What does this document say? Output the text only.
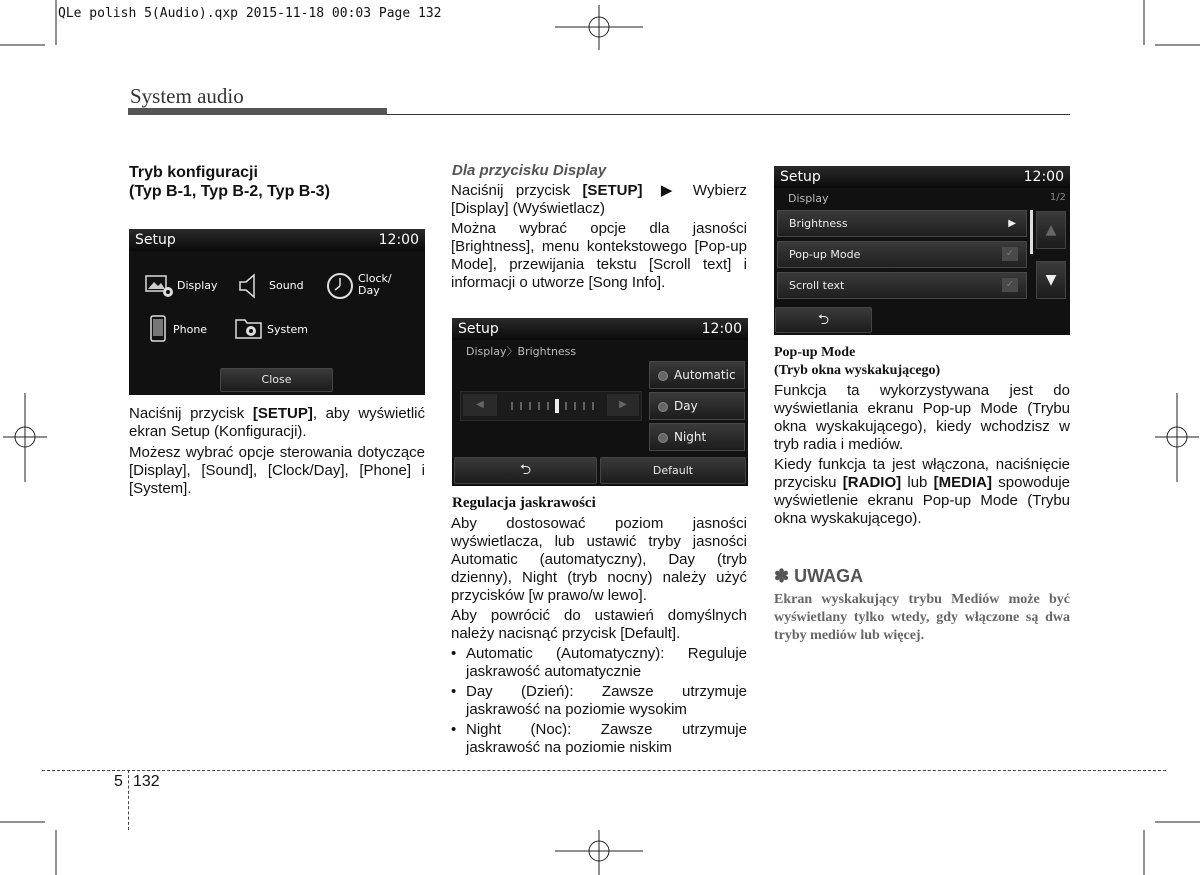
QLe polish 5(Audio).qxp 2015-11-18 00:03 Page 132
System audio
Tryb konfiguracji
(Typ B-1, Typ B-2, Typ B-3)
Setup	12:00
Display	Sound
Clock/ Day
Phone	System
Close
Naciśnij przycisk [SETUP], aby wyświetlić ekran Setup (Konfiguracji).
Możesz wybrać opcje sterowania dotyczące [Display], [Sound], [Clock/Day], [Phone] i [System].
Dla przycisku Display
Naciśnij przycisk [SETUP] ▶ Wybierz [Display] (Wyświetlacz)
Można wybrać opcje dla jasności [Brightness], menu kontekstowego [Pop-up Mode], przewijania tekstu [Scroll text] i informacji o utworze [Song Info].
Setup	12:00
Display〉Brightness
◀	▶
Automatic
Day
Night
⮌	Default
Regulacja jaskrawości
Aby dostosować poziom jasności wyświetlacza, lub ustawić tryby jasności Automatic (automatyczny), Day (tryb dzienny), Night (tryb nocny) należy użyć przycisków [w prawo/w lewo].
Aby powrócić do ustawień domyślnych należy nacisnąć przycisk [Default].
• Automatic (Automatyczny): Reguluje jaskrawość automatycznie
• Day (Dzień): Zawsze utrzymuje jaskrawość na poziomie wysokim
• Night (Noc): Zawsze utrzymuje jaskrawość na poziomie niskim
Setup	12:00
Display	1/2
Brightness	▶
Pop-up Mode	✓
Scroll text	✓
▲
▼
⮌
Pop-up Mode
(Tryb okna wyskakującego)
Funkcja ta wykorzystywana jest do wyświetlania ekranu Pop-up Mode (Trybu okna wyskakującego), kiedy wchodzisz w tryb radia i mediów.
Kiedy funkcja ta jest włączona, naciśnięcie przycisku [RADIO] lub [MEDIA] spowoduje wyświetlenie ekranu Pop-up Mode (Trybu okna wyskakującego).
✽ UWAGA
Ekran wyskakujący trybu Mediów może być wyświetlany tylko wtedy, gdy włączone są dwa tryby mediów lub więcej.
5 132
